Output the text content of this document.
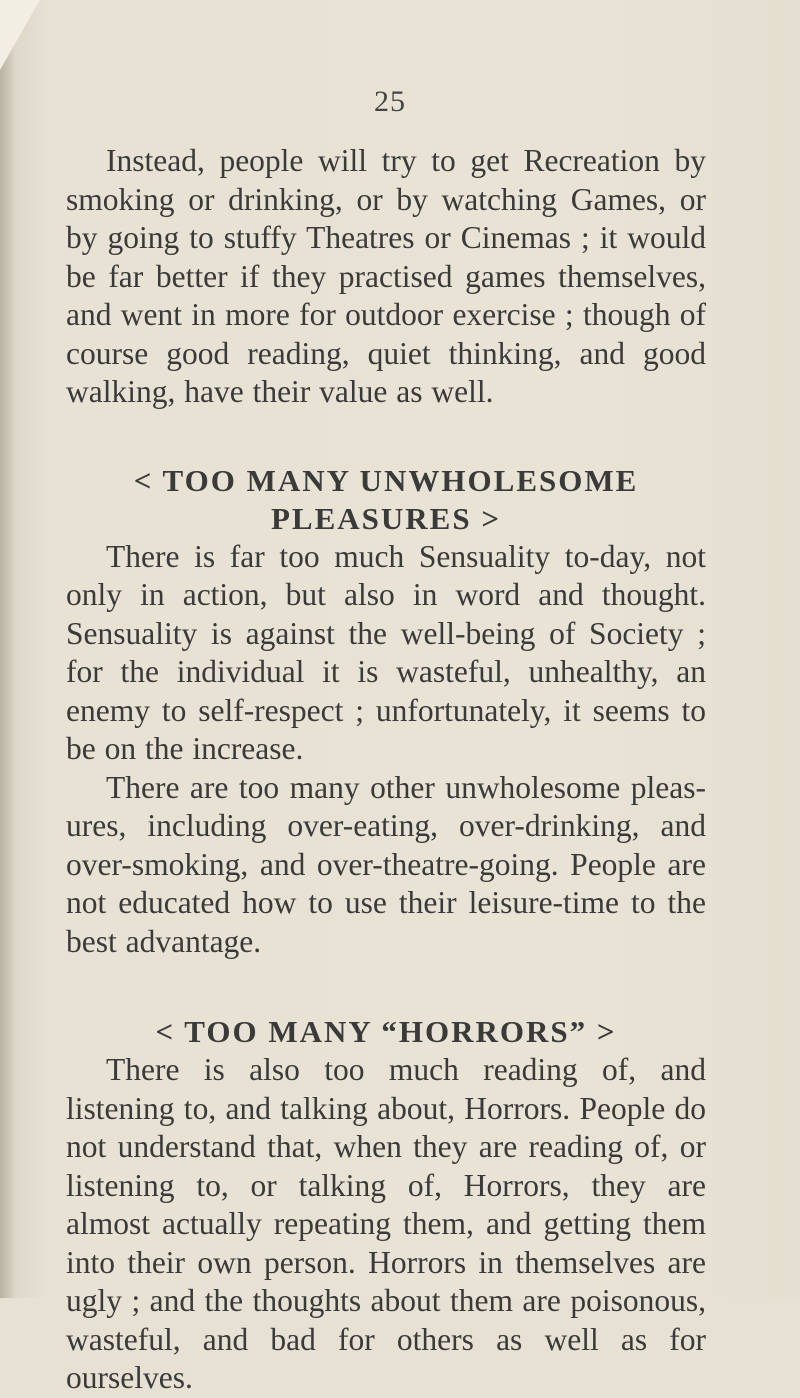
25

Instead, people will try to get Recreation by smoking or drinking, or by watching Games, or by going to stuffy Theatres or Cinemas ; it would be far better if they practised games themselves, and went in more for outdoor exercise ; though of course good reading, quiet thinking, and good walking, have their value as well.

< TOO MANY UNWHOLESOME PLEASURES >

There is far too much Sensuality to-day, not only in action, but also in word and thought. Sensuality is against the well-being of Society ; for the individual it is wasteful, unhealthy, an enemy to self-respect ; unfortunately, it seems to be on the increase.

There are too many other unwholesome pleas-ures, including over-eating, over-drinking, and over-smoking, and over-theatre-going. People are not educated how to use their leisure-time to the best advantage.

< TOO MANY “HORRORS” >

There is also too much reading of, and listening to, and talking about, Horrors. People do not understand that, when they are reading of, or listening to, or talking of, Horrors, they are almost actually repeating them, and getting them into their own person. Horrors in themselves are ugly ; and the thoughts about them are poisonous, wasteful, and bad for others as well as for ourselves.
